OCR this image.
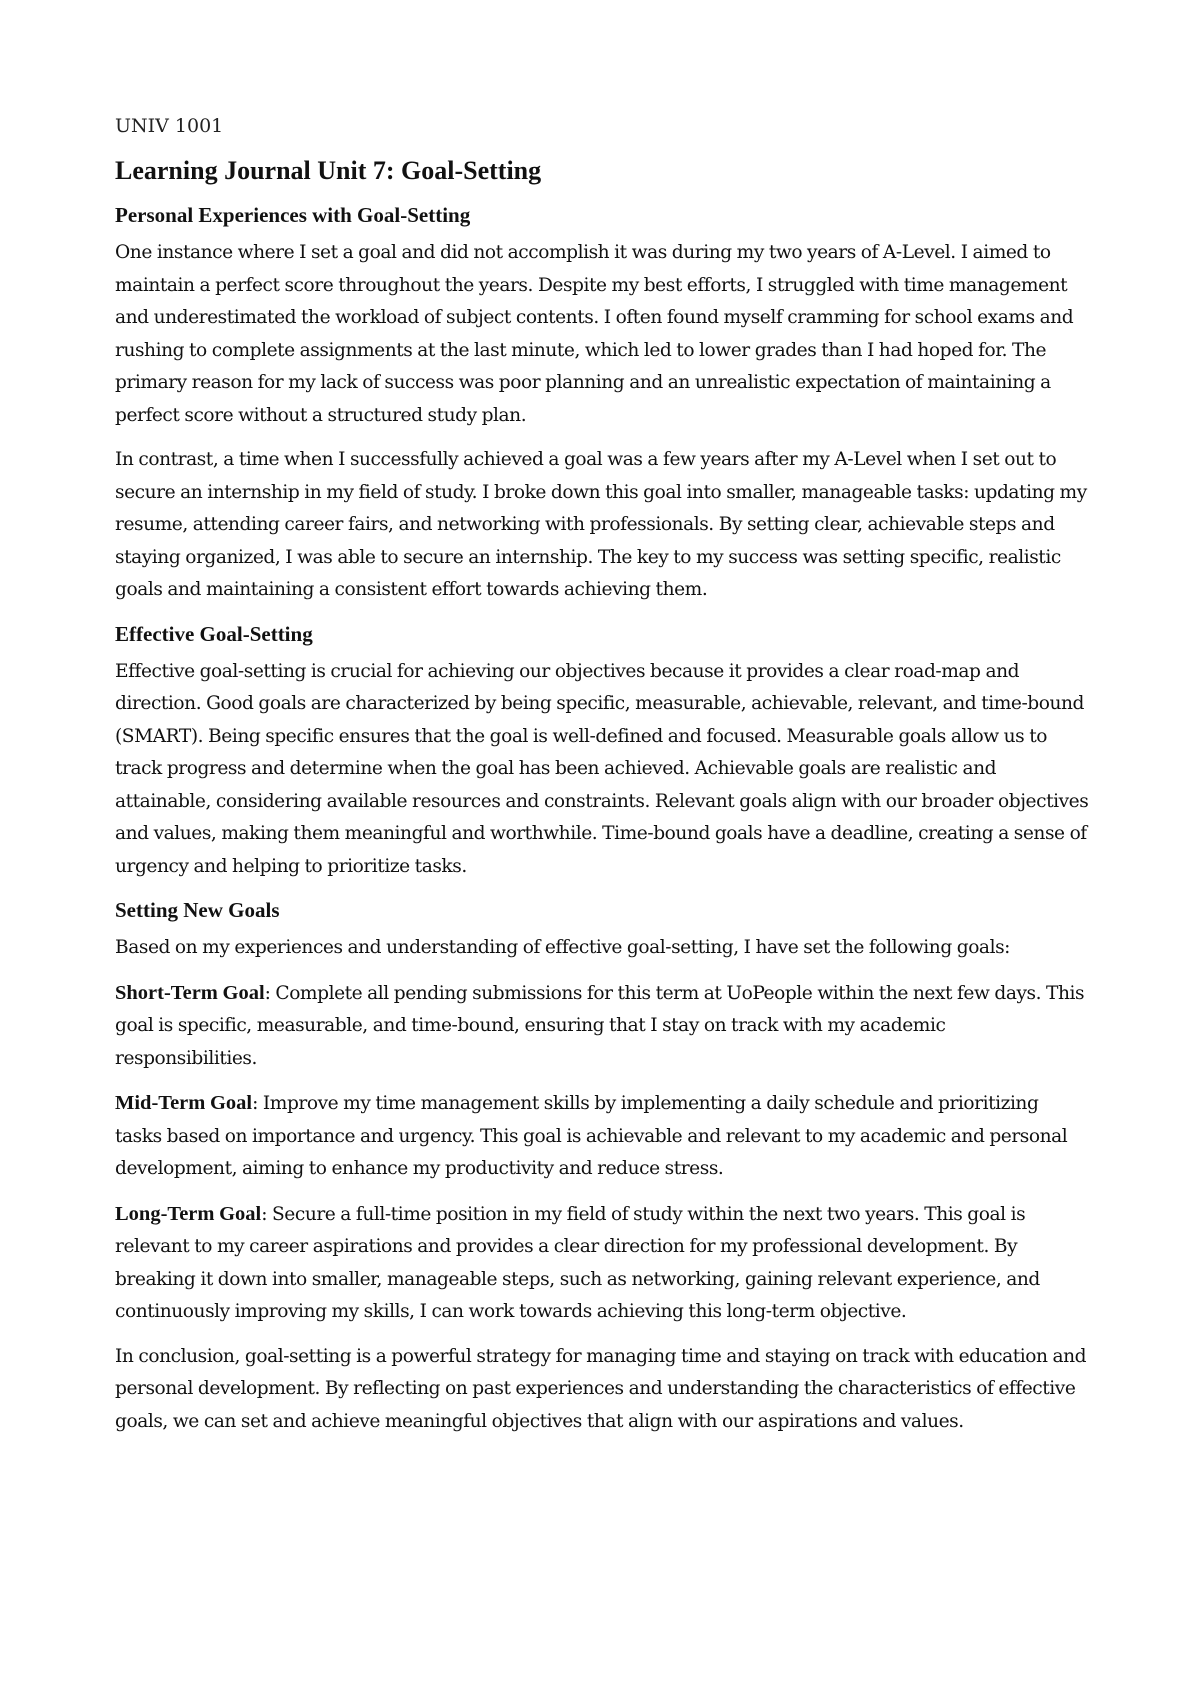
UNIV 1001
Learning Journal Unit 7: Goal-Setting
Personal Experiences with Goal-Setting

One instance where I set a goal and did not accomplish it was during my two years of A-Level. I aimed to maintain a perfect score throughout the years. Despite my best efforts, I struggled with time management and underestimated the workload of subject contents. I often found myself cramming for school exams and rushing to complete assignments at the last minute, which led to lower grades than I had hoped for. The primary reason for my lack of success was poor planning and an unrealistic expectation of maintaining a perfect score without a structured study plan.

In contrast, a time when I successfully achieved a goal was a few years after my A-Level when I set out to secure an internship in my field of study. I broke down this goal into smaller, manageable tasks: updating my resume, attending career fairs, and networking with professionals. By setting clear, achievable steps and staying organized, I was able to secure an internship. The key to my success was setting specific, realistic goals and maintaining a consistent effort towards achieving them.

Effective Goal-Setting

Effective goal-setting is crucial for achieving our objectives because it provides a clear road-map and direction. Good goals are characterized by being specific, measurable, achievable, relevant, and time-bound (SMART). Being specific ensures that the goal is well-defined and focused. Measurable goals allow us to track progress and determine when the goal has been achieved. Achievable goals are realistic and attainable, considering available resources and constraints. Relevant goals align with our broader objectives and values, making them meaningful and worthwhile. Time-bound goals have a deadline, creating a sense of urgency and helping to prioritize tasks.

Setting New Goals

Based on my experiences and understanding of effective goal-setting, I have set the following goals:

Short-Term Goal: Complete all pending submissions for this term at UoPeople within the next few days. This goal is specific, measurable, and time-bound, ensuring that I stay on track with my academic responsibilities.

Mid-Term Goal: Improve my time management skills by implementing a daily schedule and prioritizing tasks based on importance and urgency. This goal is achievable and relevant to my academic and personal development, aiming to enhance my productivity and reduce stress.

Long-Term Goal: Secure a full-time position in my field of study within the next two years. This goal is relevant to my career aspirations and provides a clear direction for my professional development. By breaking it down into smaller, manageable steps, such as networking, gaining relevant experience, and continuously improving my skills, I can work towards achieving this long-term objective.

In conclusion, goal-setting is a powerful strategy for managing time and staying on track with education and personal development. By reflecting on past experiences and understanding the characteristics of effective goals, we can set and achieve meaningful objectives that align with our aspirations and values.
